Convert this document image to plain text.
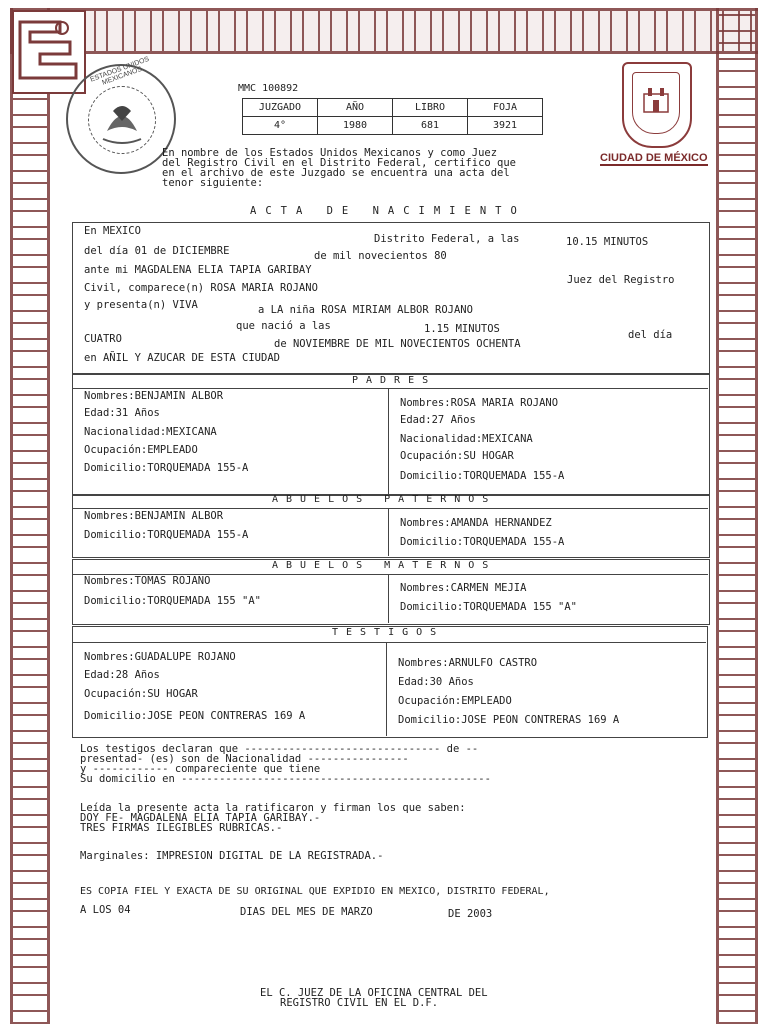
ESTADOS UNIDOS MEXICANOS
CIUDAD DE MÉXICO
MMC 100892
JUZGADO	AÑO	LIBRO	FOJA
4°	1980	681	3921
En nombre de los Estados Unidos Mexicanos y como Juez
del Registro Civil en el Distrito Federal, certifico que
en el archivo de este Juzgado se encuentra una acta del
tenor siguiente:
ACTA DE NACIMIENTO
En MEXICO
Distrito Federal, a las	10.15 MINUTOS
del día 01 de DICIEMBRE	de mil novecientos 80
ante mi MAGDALENA ELIA TAPIA GARIBAY
Juez del Registro
Civil, comparece(n) ROSA MARIA ROJANO
y presenta(n) VIVA	a LA niña ROSA MIRIAM ALBOR ROJANO
que nació a las	1.15 MINUTOS	del día
CUATRO	de NOVIEMBRE DE MIL NOVECIENTOS OCHENTA
en AÑIL Y AZUCAR DE ESTA CIUDAD
PADRES
Nombres:BENJAMIN ALBOR
Edad:31 Años
Nacionalidad:MEXICANA
Ocupación:EMPLEADO
Domicilio:TORQUEMADA 155-A
Nombres:ROSA MARIA ROJANO
Edad:27 Años
Nacionalidad:MEXICANA
Ocupación:SU HOGAR
Domicilio:TORQUEMADA 155-A
ABUELOS PATERNOS
Nombres:BENJAMIN ALBOR
Domicilio:TORQUEMADA 155-A
Nombres:AMANDA HERNANDEZ
Domicilio:TORQUEMADA 155-A
ABUELOS MATERNOS
Nombres:TOMAS ROJANO
Domicilio:TORQUEMADA 155 "A"
Nombres:CARMEN MEJIA
Domicilio:TORQUEMADA 155 "A"
TESTIGOS
Nombres:GUADALUPE ROJANO
Edad:28 Años
Ocupación:SU HOGAR
Domicilio:JOSE PEON CONTRERAS 169 A
Nombres:ARNULFO CASTRO
Edad:30 Años
Ocupación:EMPLEADO
Domicilio:JOSE PEON CONTRERAS 169 A
Los testigos declaran que ------------------------------- de --
presentad- (es) son de Nacionalidad ----------------
y ------------ compareciente que tiene
Su domicilio en -------------------------------------------------
Leída la presente acta la ratificaron y firman los que saben:
DOY FE- MAGDALENA ELIA TAPIA GARIBAY.-
TRES FIRMAS ILEGIBLES RUBRICAS.-
Marginales: IMPRESION DIGITAL DE LA REGISTRADA.-
ES COPIA FIEL Y EXACTA DE SU ORIGINAL QUE EXPIDIO EN MEXICO, DISTRITO FEDERAL,
A LOS 04	DIAS DEL MES DE MARZO	DE 2003
EL C. JUEZ DE LA OFICINA CENTRAL DEL
REGISTRO CIVIL EN EL D.F.
